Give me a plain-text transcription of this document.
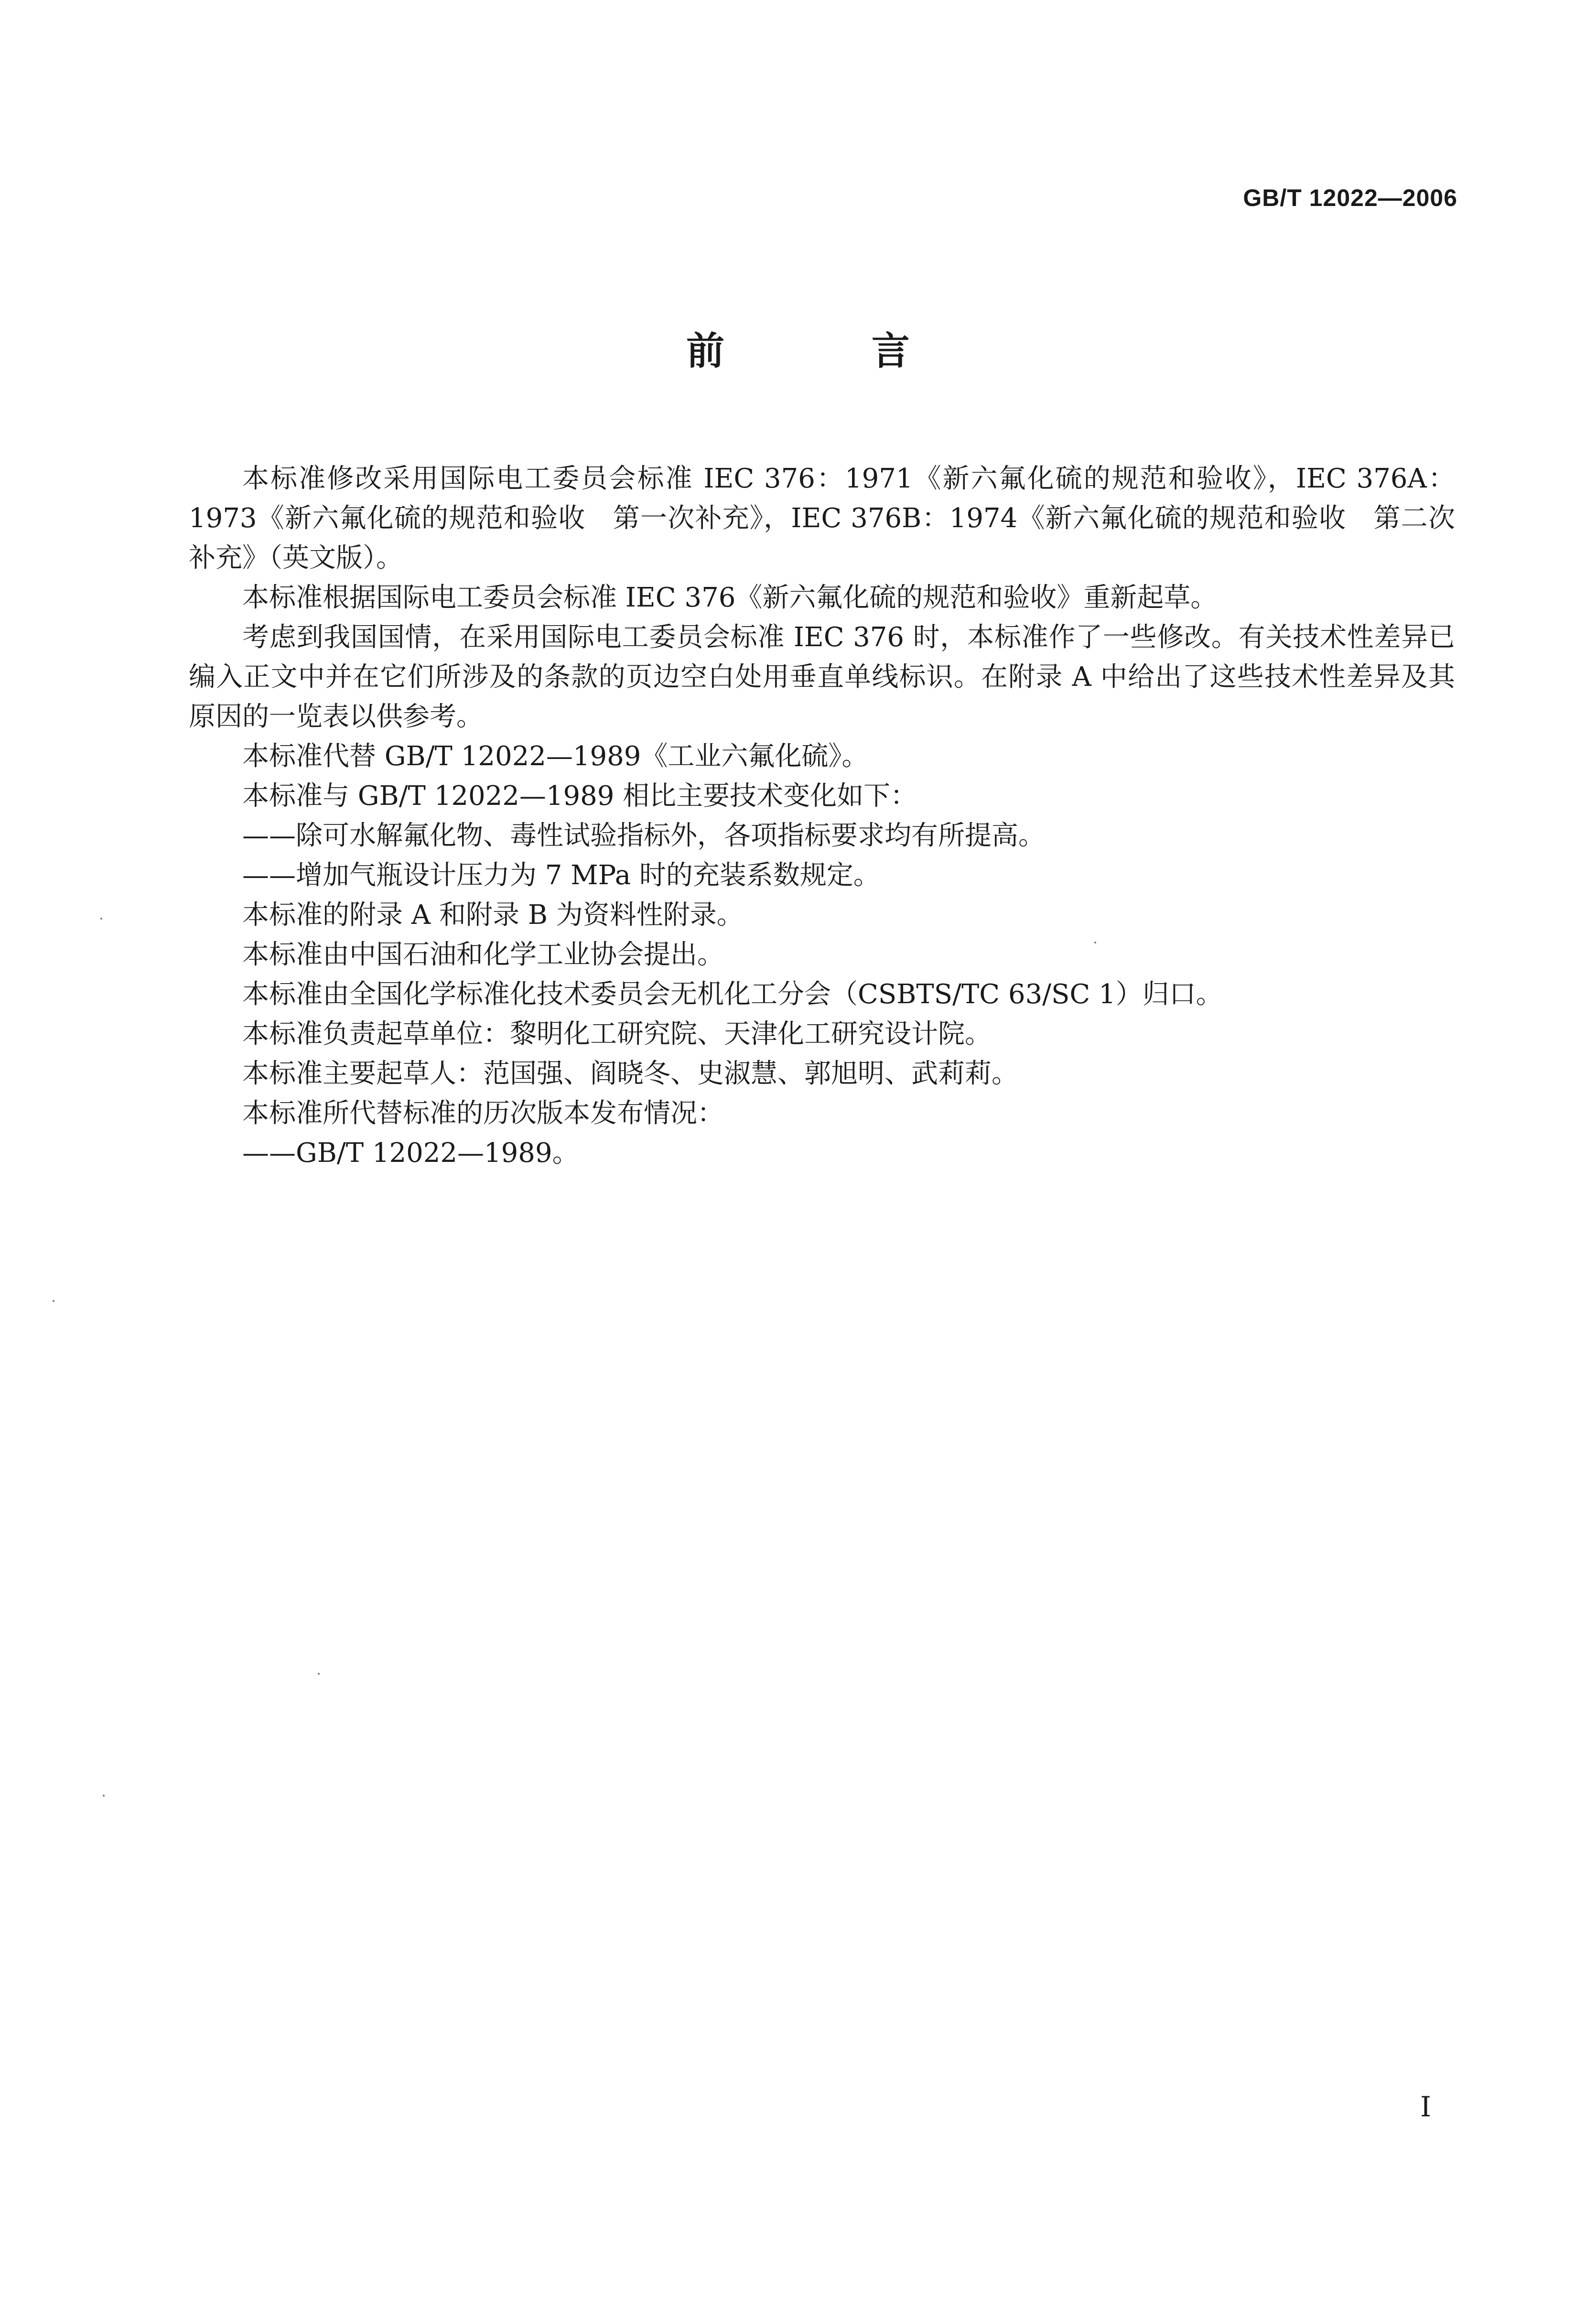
GB/T 12022—2006
前 言

本标准修改采用国际电工委员会标准 IEC 376：1971《新六氟化硫的规范和验收》，IEC 376A：1973《新六氟化硫的规范和验收　第一次补充》，IEC 376B：1974《新六氟化硫的规范和验收　第二次补充》（英文版）。

本标准根据国际电工委员会标准 IEC 376《新六氟化硫的规范和验收》重新起草。

考虑到我国国情，在采用国际电工委员会标准 IEC 376 时，本标准作了一些修改。有关技术性差异已编入正文中并在它们所涉及的条款的页边空白处用垂直单线标识。在附录 A 中给出了这些技术性差异及其原因的一览表以供参考。

本标准代替 GB/T 12022—1989《工业六氟化硫》。

本标准与 GB/T 12022—1989 相比主要技术变化如下：

——除可水解氟化物、毒性试验指标外，各项指标要求均有所提高。

——增加气瓶设计压力为 7 MPa 时的充装系数规定。

本标准的附录 A 和附录 B 为资料性附录。

本标准由中国石油和化学工业协会提出。

本标准由全国化学标准化技术委员会无机化工分会（CSBTS/TC 63/SC 1）归口。

本标准负责起草单位：黎明化工研究院、天津化工研究设计院。

本标准主要起草人：范国强、阎晓冬、史淑慧、郭旭明、武莉莉。

本标准所代替标准的历次版本发布情况：

——GB/T 12022—1989。

I
